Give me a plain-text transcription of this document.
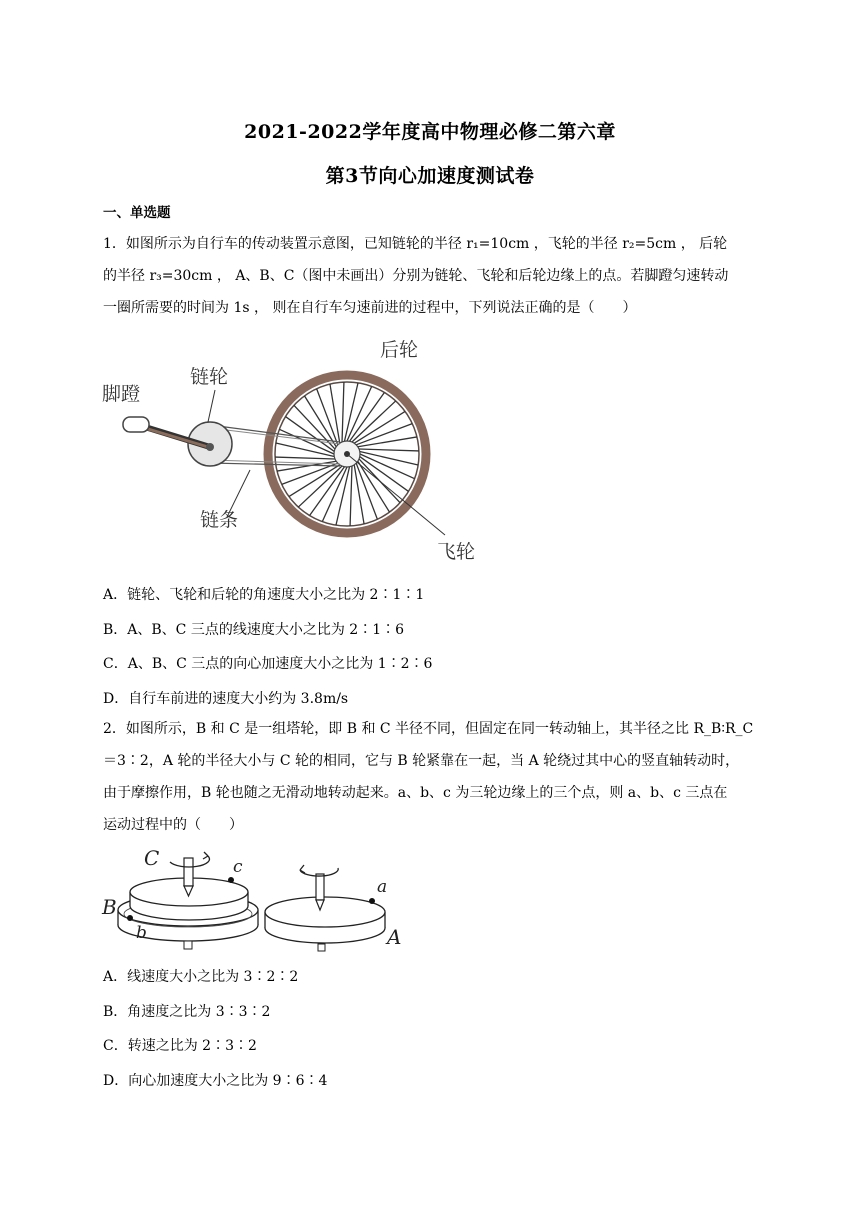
2021-2022学年度高中物理必修二第六章
第3节向心加速度测试卷
一、单选题
1．如图所示为自行车的传动装置示意图，已知链轮的半径 r₁=10cm ，飞轮的半径 r₂=5cm ， 后轮
的半径 r₃=30cm ， A、B、C（图中未画出）分别为链轮、飞轮和后轮边缘上的点。若脚蹬匀速转动
一圈所需要的时间为 1s ， 则在自行车匀速前进的过程中，下列说法正确的是（　　）
后轮
链轮
脚蹬
链条
飞轮
A．链轮、飞轮和后轮的角速度大小之比为 2∶1∶1
B．A、B、C 三点的线速度大小之比为 2∶1∶6
C．A、B、C 三点的向心加速度大小之比为 1∶2∶6
D．自行车前进的速度大小约为 3.8m/s
2．如图所示，B 和 C 是一组塔轮，即 B 和 C 半径不同，但固定在同一转动轴上，其半径之比 R_B∶R_C
＝3∶2，A 轮的半径大小与 C 轮的相同，它与 B 轮紧靠在一起，当 A 轮绕过其中心的竖直轴转动时，
由于摩擦作用，B 轮也随之无滑动地转动起来。a、b、c 为三轮边缘上的三个点，则 a、b、c 三点在
运动过程中的（　　）
C	c
B
b
a
A
A．线速度大小之比为 3∶2∶2
B．角速度之比为 3∶3∶2
C．转速之比为 2∶3∶2
D．向心加速度大小之比为 9∶6∶4
